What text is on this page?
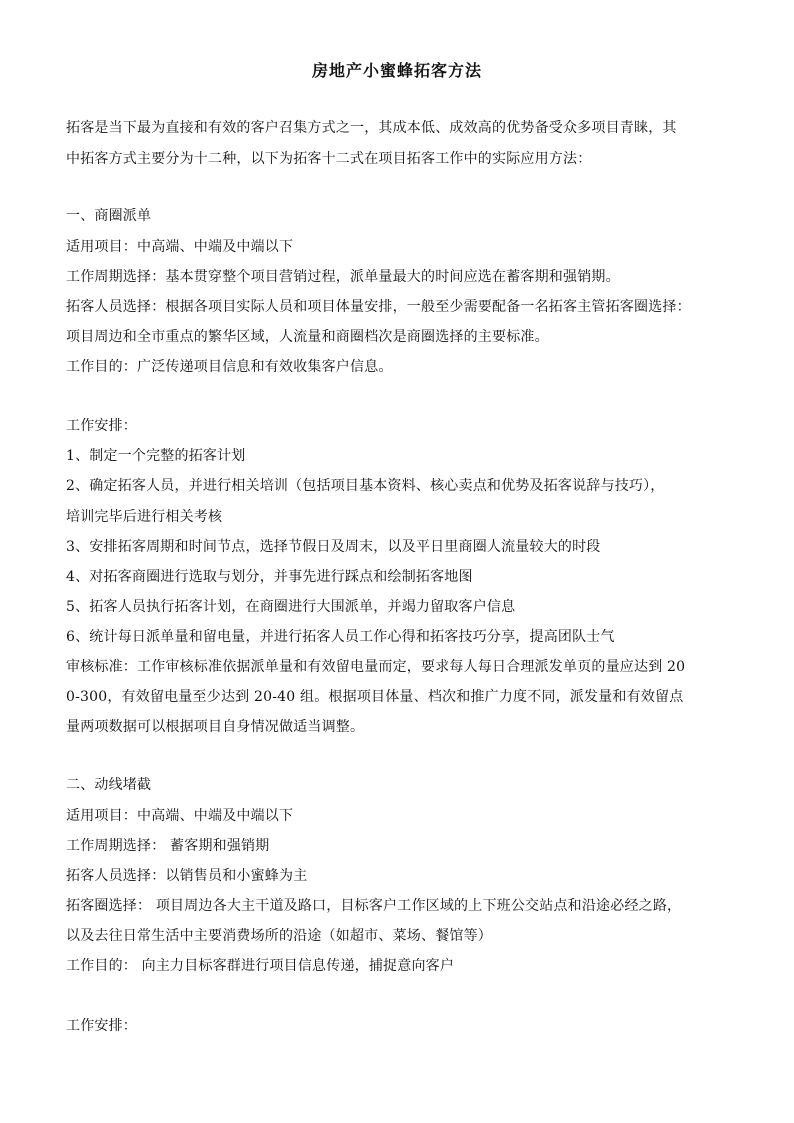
房地产小蜜蜂拓客方法
拓客是当下最为直接和有效的客户召集方式之一，其成本低、成效高的优势备受众多项目青睐，其
中拓客方式主要分为十二种，以下为拓客十二式在项目拓客工作中的实际应用方法：
一、商圈派单
适用项目：中高端、中端及中端以下
工作周期选择：基本贯穿整个项目营销过程，派单量最大的时间应选在蓄客期和强销期。
拓客人员选择：根据各项目实际人员和项目体量安排，一般至少需要配备一名拓客主管拓客圈选择：
项目周边和全市重点的繁华区域，人流量和商圈档次是商圈选择的主要标准。
工作目的：广泛传递项目信息和有效收集客户信息。
工作安排：
1、制定一个完整的拓客计划
2、确定拓客人员，并进行相关培训（包括项目基本资料、核心卖点和优势及拓客说辞与技巧），
培训完毕后进行相关考核
3、安排拓客周期和时间节点，选择节假日及周末，以及平日里商圈人流量较大的时段
4、对拓客商圈进行选取与划分，并事先进行踩点和绘制拓客地图
5、拓客人员执行拓客计划，在商圈进行大围派单，并竭力留取客户信息
6、统计每日派单量和留电量，并进行拓客人员工作心得和拓客技巧分享，提高团队士气
审核标准：工作审核标准依据派单量和有效留电量而定，要求每人每日合理派发单页的量应达到 20
0-300，有效留电量至少达到 20-40 组。根据项目体量、档次和推广力度不同，派发量和有效留点
量两项数据可以根据项目自身情况做适当调整。
二、动线堵截
适用项目：中高端、中端及中端以下
工作周期选择： 蓄客期和强销期
拓客人员选择：以销售员和小蜜蜂为主
拓客圈选择： 项目周边各大主干道及路口，目标客户工作区域的上下班公交站点和沿途必经之路，
以及去往日常生活中主要消费场所的沿途（如超市、菜场、餐馆等）
工作目的： 向主力目标客群进行项目信息传递，捕捉意向客户
工作安排：
